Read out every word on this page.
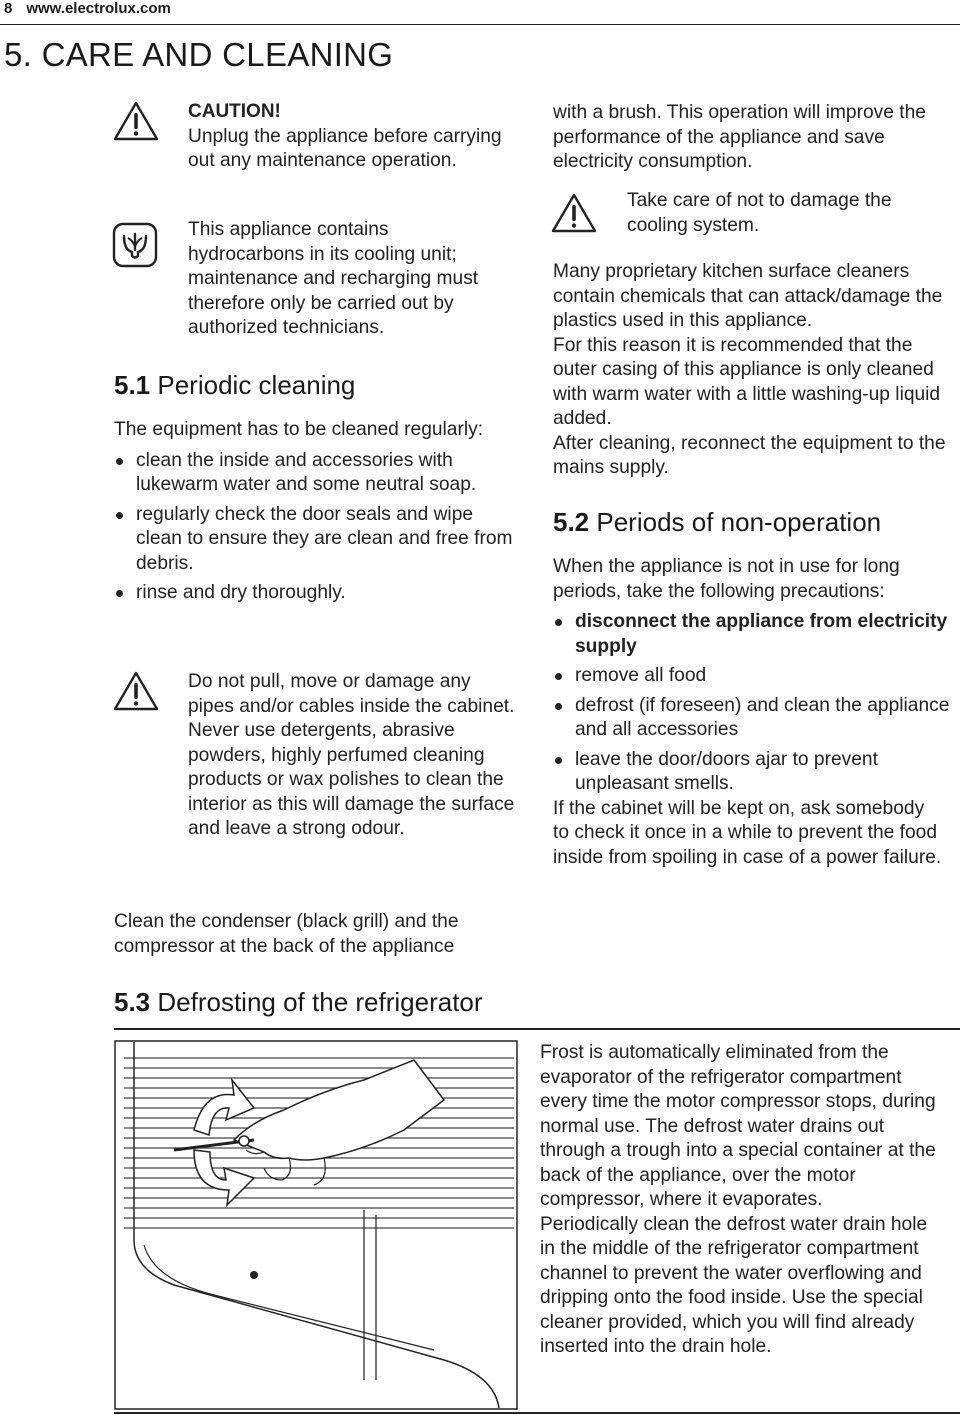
8 www.electrolux.com
5. CARE AND CLEANING
CAUTION!

Unplug the appliance before carrying out any maintenance operation.

This appliance contains hydrocarbons in its cooling unit; maintenance and recharging must therefore only be carried out by authorized technicians.
5.1 Periodic cleaning

The equipment has to be cleaned regularly:

clean the inside and accessories with lukewarm water and some neutral soap.
regularly check the door seals and wipe clean to ensure they are clean and free from debris.
rinse and dry thoroughly.

Do not pull, move or damage any pipes and/or cables inside the cabinet.

Never use detergents, abrasive powders, highly perfumed cleaning products or wax polishes to clean the interior as this will damage the surface and leave a strong odour.

Clean the condenser (black grill) and the compressor at the back of the appliance
with a brush. This operation will improve the performance of the appliance and save electricity consumption.
Take care of not to damage the cooling system.

Many proprietary kitchen surface cleaners contain chemicals that can attack/damage the plastics used in this appliance.

For this reason it is recommended that the outer casing of this appliance is only cleaned with warm water with a little washing-up liquid added.

After cleaning, reconnect the equipment to the mains supply.

5.2 Periods of non-operation

When the appliance is not in use for long periods, take the following precautions:

disconnect the appliance from electricity supply
remove all food
defrost (if foreseen) and clean the appliance and all accessories
leave the door/doors ajar to prevent unpleasant smells.

If the cabinet will be kept on, ask somebody to check it once in a while to prevent the food inside from spoiling in case of a power failure.

5.3 Defrosting of the refrigerator

Frost is automatically eliminated from the evaporator of the refrigerator compartment every time the motor compressor stops, during normal use. The defrost water drains out through a trough into a special container at the back of the appliance, over the motor compressor, where it evaporates.

Periodically clean the defrost water drain hole in the middle of the refrigerator compartment channel to prevent the water overflowing and dripping onto the food inside. Use the special cleaner provided, which you will find already inserted into the drain hole.
